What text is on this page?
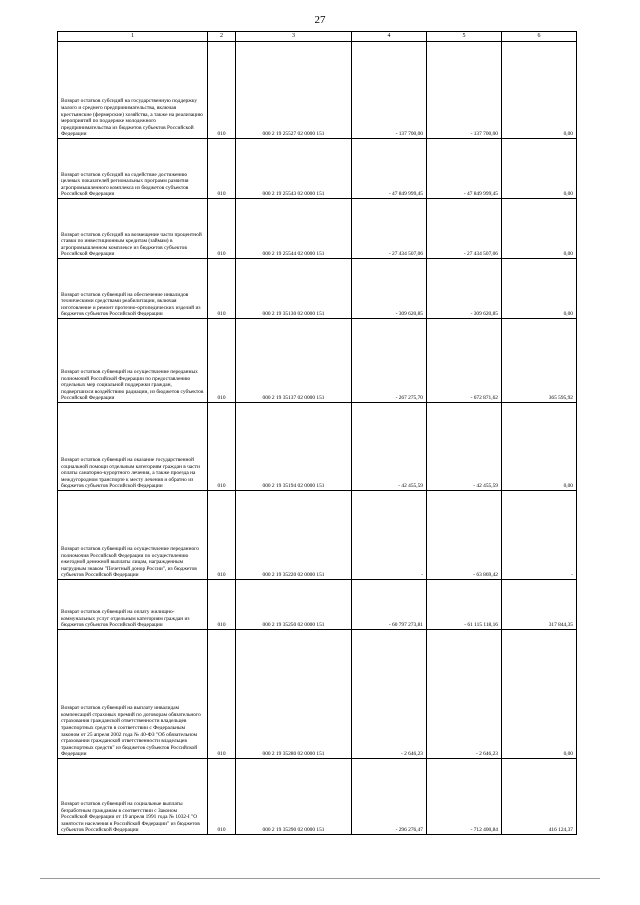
27
1	2	3	4	5	6
Возврат остатков субсидий на государственную поддержку малого и среднего предпринимательства, включая крестьянские (фермерские) хозяйства, а также на реализацию мероприятий по поддержке молодежного предпринимательства из бюджетов субъектов Российской Федерации	010	000 2 19 25527 02 0000 151	- 137 700,00	- 137 700,00	0,00
Возврат остатков субсидий на содействие достижению целевых показателей региональных программ развития агропромышленного комплекса из бюджетов субъектов Российской Федерации	010	000 2 19 25543 02 0000 151	- 47 849 999,45	- 47 849 999,45	0,00
Возврат остатков субсидий на возмещение части процентной ставки по инвестиционным кредитам (займам) в агропромышленном комплексе из бюджетов субъектов Российской Федерации	010	000 2 19 25544 02 0000 151	- 27 434 507,06	- 27 434 507,06	0,00
Возврат остатков субвенций на обеспечение инвалидов техническими средствами реабилитации, включая изготовление и ремонт протезно-ортопедических изделий из бюджетов субъектов Российской Федерации	010	000 2 19 35130 02 0000 151	- 309 620,85	- 309 620,85	0,00
Возврат остатков субвенций на осуществление переданных полномочий Российской Федерации по предоставлению отдельных мер социальной поддержки граждан, подвергшихся воздействию радиации, из бюджетов субъектов Российской Федерации	010	000 2 19 35137 02 0000 151	- 267 275,70	- 672 871,62	365 595,92
Возврат остатков субвенций на оказание государственной социальной помощи отдельным категориям граждан в части оплаты санаторно-курортного лечения, а также проезда на междугородном транспорте к месту лечения и обратно из бюджетов субъектов Российской Федерации	010	000 2 19 35194 02 0000 151	- 42 455,59	- 42 455,59	0,00
Возврат остатков субвенций на осуществление переданного полномочия Российской Федерации по осуществлению ежегодной денежной выплаты лицам, награжденным нагрудным знаком "Почетный донор России", из бюджетов субъектов Российской Федерации	010	000 2 19 35220 02 0000 151	-	- 63 869,42	-
Возврат остатков субвенций на оплату жилищно-коммунальных услуг отдельным категориям граждан из бюджетов субъектов Российской Федерации	010	000 2 19 35250 02 0000 151	- 60 797 273,81	- 61 115 118,16	317 844,35
Возврат остатков субвенций на выплату инвалидам компенсаций страховых премий по договорам обязательного страхования гражданской ответственности владельцев транспортных средств в соответствии с Федеральным законом от 25 апреля 2002 года № 40-ФЗ "Об обязательном страховании гражданской ответственности владельцев транспортных средств" из бюджетов субъектов Российской Федерации	010	000 2 19 35280 02 0000 151	- 2 646,23	- 2 646,23	0,00
Возврат остатков субвенций на социальные выплаты безработным гражданам в соответствии с Законом Российской Федерации от 19 апреля 1991 года № 1032-I "О занятости населения в Российской Федерации" из бюджетов субъектов Российской Федерации	010	000 2 19 35290 02 0000 151	- 296 276,47	- 712 400,84	416 124,37
